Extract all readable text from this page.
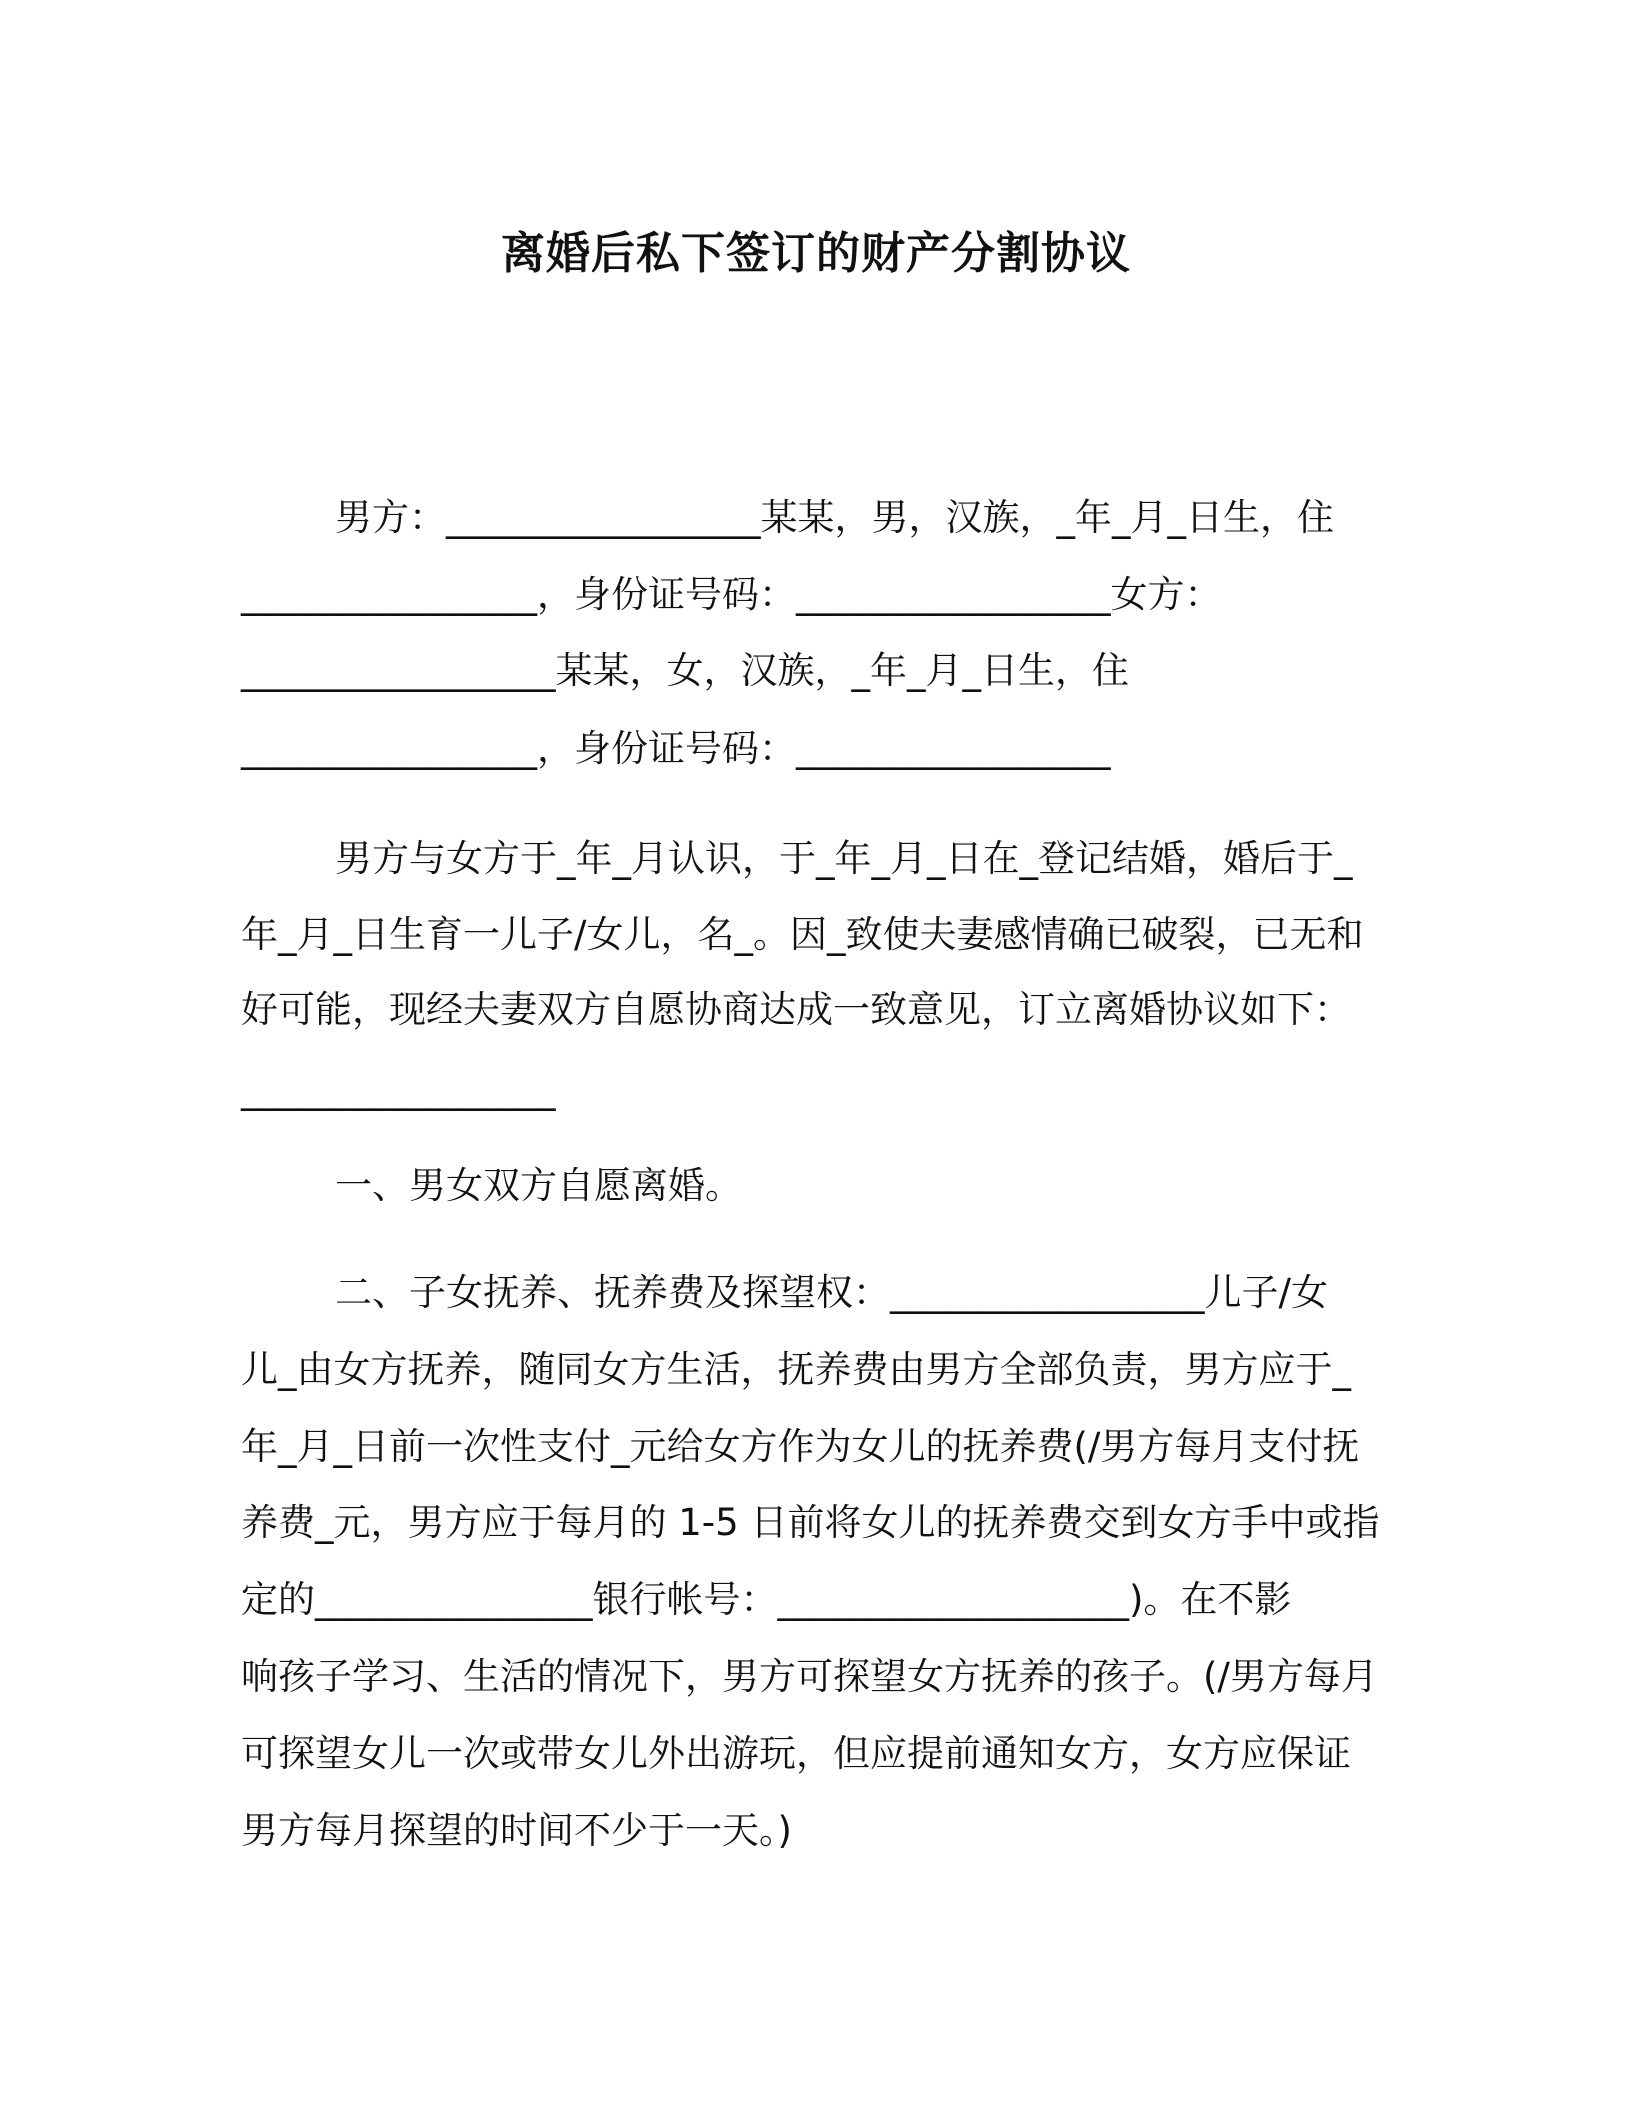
离婚后私下签订的财产分割协议
男方：_________________某某，男，汉族，_年_月_日生，住
________________，身份证号码：_________________女方：
_________________某某，女，汉族，_年_月_日生，住
________________，身份证号码：_________________
男方与女方于_年_月认识，于_年_月_日在_登记结婚，婚后于_
年_月_日生育一儿子/女儿，名_。因_致使夫妻感情确已破裂，已无和
好可能，现经夫妻双方自愿协商达成一致意见，订立离婚协议如下：
_________________
一、男女双方自愿离婚。
二、子女抚养、抚养费及探望权：_________________儿子/女
儿_由女方抚养，随同女方生活，抚养费由男方全部负责，男方应于_
年_月_日前一次性支付_元给女方作为女儿的抚养费(/男方每月支付抚
养费_元，男方应于每月的 1-5 日前将女儿的抚养费交到女方手中或指
定的_______________银行帐号：___________________)。在不影
响孩子学习、生活的情况下，男方可探望女方抚养的孩子。(/男方每月
可探望女儿一次或带女儿外出游玩，但应提前通知女方，女方应保证
男方每月探望的时间不少于一天。)
